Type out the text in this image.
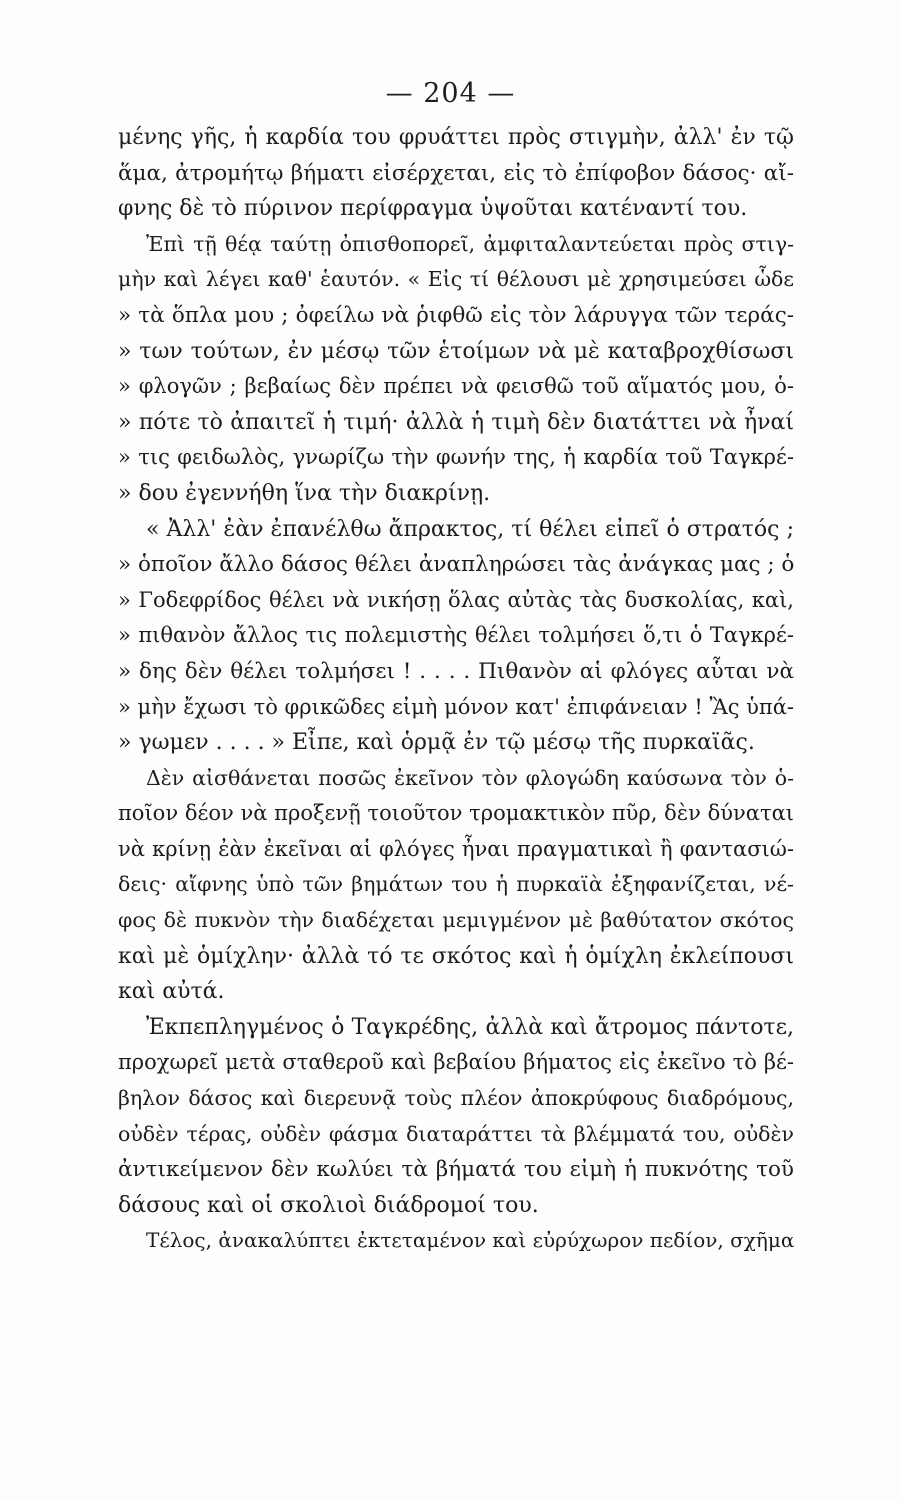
— 204 —

μένης γῆς, ἡ καρδία του φρυάττει πρὸς στιγμὴν, ἀλλ' ἐν τῷ
ἅμα, ἀτρομήτῳ βήματι εἰσέρχεται, εἰς τὸ ἐπίφοβον δάσος· αἴ-
φνης δὲ τὸ πύρινον περίφραγμα ὑψοῦται κατέναντί του.
Ἐπὶ τῇ θέᾳ ταύτῃ ὀπισθοπορεῖ, ἀμφιταλαντεύεται πρὸς στιγ-
μὴν καὶ λέγει καθ' ἑαυτόν. « Εἰς τί θέλουσι μὲ χρησιμεύσει ὧδε
» τὰ ὅπλα μου ; ὀφείλω νὰ ῥιφθῶ εἰς τὸν λάρυγγα τῶν τεράς-
» των τούτων, ἐν μέσῳ τῶν ἑτοίμων νὰ μὲ καταβροχθίσωσι
» φλογῶν ; βεβαίως δὲν πρέπει νὰ φεισθῶ τοῦ αἵματός μου, ὁ-
» πότε τὸ ἀπαιτεῖ ἡ τιμή· ἀλλὰ ἡ τιμὴ δὲν διατάττει νὰ ἦναί
» τις φειδωλὸς, γνωρίζω τὴν φωνήν της, ἡ καρδία τοῦ Ταγκρέ-
» δου ἐγεννήθη ἵνα τὴν διακρίνῃ.
« Ἀλλ' ἐὰν ἐπανέλθω ἄπρακτος, τί θέλει εἰπεῖ ὁ στρατός ;
» ὁποῖον ἄλλο δάσος θέλει ἀναπληρώσει τὰς ἀνάγκας μας ; ὁ
» Γοδεφρίδος θέλει νὰ νικήσῃ ὅλας αὐτὰς τὰς δυσκολίας, καὶ,
» πιθανὸν ἄλλος τις πολεμιστὴς θέλει τολμήσει ὅ,τι ὁ Ταγκρέ-
» δης δὲν θέλει τολμήσει ! . . . . Πιθανὸν αἱ φλόγες αὗται νὰ
» μὴν ἔχωσι τὸ φρικῶδες εἰμὴ μόνον κατ' ἐπιφάνειαν ! Ἂς ὑπά-
» γωμεν . . . . » Εἶπε, καὶ ὁρμᾷ ἐν τῷ μέσῳ τῆς πυρκαϊᾶς.
Δὲν αἰσθάνεται ποσῶς ἐκεῖνον τὸν φλογώδη καύσωνα τὸν ὁ-
ποῖον δέον νὰ προξενῇ τοιοῦτον τρομακτικὸν πῦρ, δὲν δύναται
νὰ κρίνῃ ἐὰν ἐκεῖναι αἱ φλόγες ἦναι πραγματικαὶ ἢ φαντασιώ-
δεις· αἴφνης ὑπὸ τῶν βημάτων του ἡ πυρκαϊὰ ἐξηφανίζεται, νέ-
φος δὲ πυκνὸν τὴν διαδέχεται μεμιγμένον μὲ βαθύτατον σκότος
καὶ μὲ ὁμίχλην· ἀλλὰ τό τε σκότος καὶ ἡ ὁμίχλη ἐκλείπουσι
καὶ αὐτά.
Ἐκπεπληγμένος ὁ Ταγκρέδης, ἀλλὰ καὶ ἄτρομος πάντοτε,
προχωρεῖ μετὰ σταθεροῦ καὶ βεβαίου βήματος εἰς ἐκεῖνο τὸ βέ-
βηλον δάσος καὶ διερευνᾷ τοὺς πλέον ἀποκρύφους διαδρόμους,
οὐδὲν τέρας, οὐδὲν φάσμα διαταράττει τὰ βλέμματά του, οὐδὲν
ἀντικείμενον δὲν κωλύει τὰ βήματά του εἰμὴ ἡ πυκνότης τοῦ
δάσους καὶ οἱ σκολιοὶ διάδρομοί του.
Τέλος, ἀνακαλύπτει ἐκτεταμένον καὶ εὐρύχωρον πεδίον, σχῆμα
